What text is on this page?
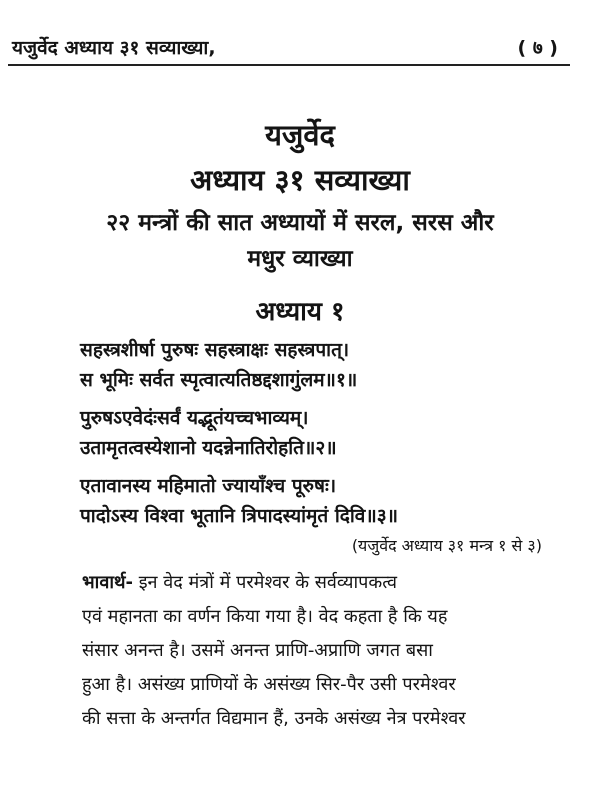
यजुर्वेद अध्याय ३१ सव्याख्या,	( ७ )
यजुर्वेद
अध्याय ३१ सव्याख्या
२२ मन्त्रों की सात अध्यायों में सरल, सरस और
मधुर व्याख्या
अध्याय १
सहस्त्रशीर्षा पुरुषः सहस्त्राक्षः सहस्त्रपात्।
स भूमिः सर्वत स्पृत्वात्यतिष्ठद्दशागुंलम॥१॥
पुरुषऽएवेदंःसर्वं यद्भूतंयच्चभाव्यम्।
उतामृतत्वस्येशानो यदन्नेनातिरोहति॥२॥
एतावानस्य महिमातो ज्यायाँश्च पूरुषः।
पादोऽस्य विश्वा भूतानि त्रिपादस्यांमृतं दिवि॥३॥
(यजुर्वेद अध्याय ३१ मन्त्र १ से ३)
भावार्थ- इन वेद मंत्रों में परमेश्वर के सर्वव्यापकत्व
एवं महानता का वर्णन किया गया है। वेद कहता है कि यह
संसार अनन्त है। उसमें अनन्त प्राणि-अप्राणि जगत बसा
हुआ है। असंख्य प्राणियों के असंख्य सिर-पैर उसी परमेश्वर
की सत्ता के अन्तर्गत विद्यमान हैं, उनके असंख्य नेत्र परमेश्वर
